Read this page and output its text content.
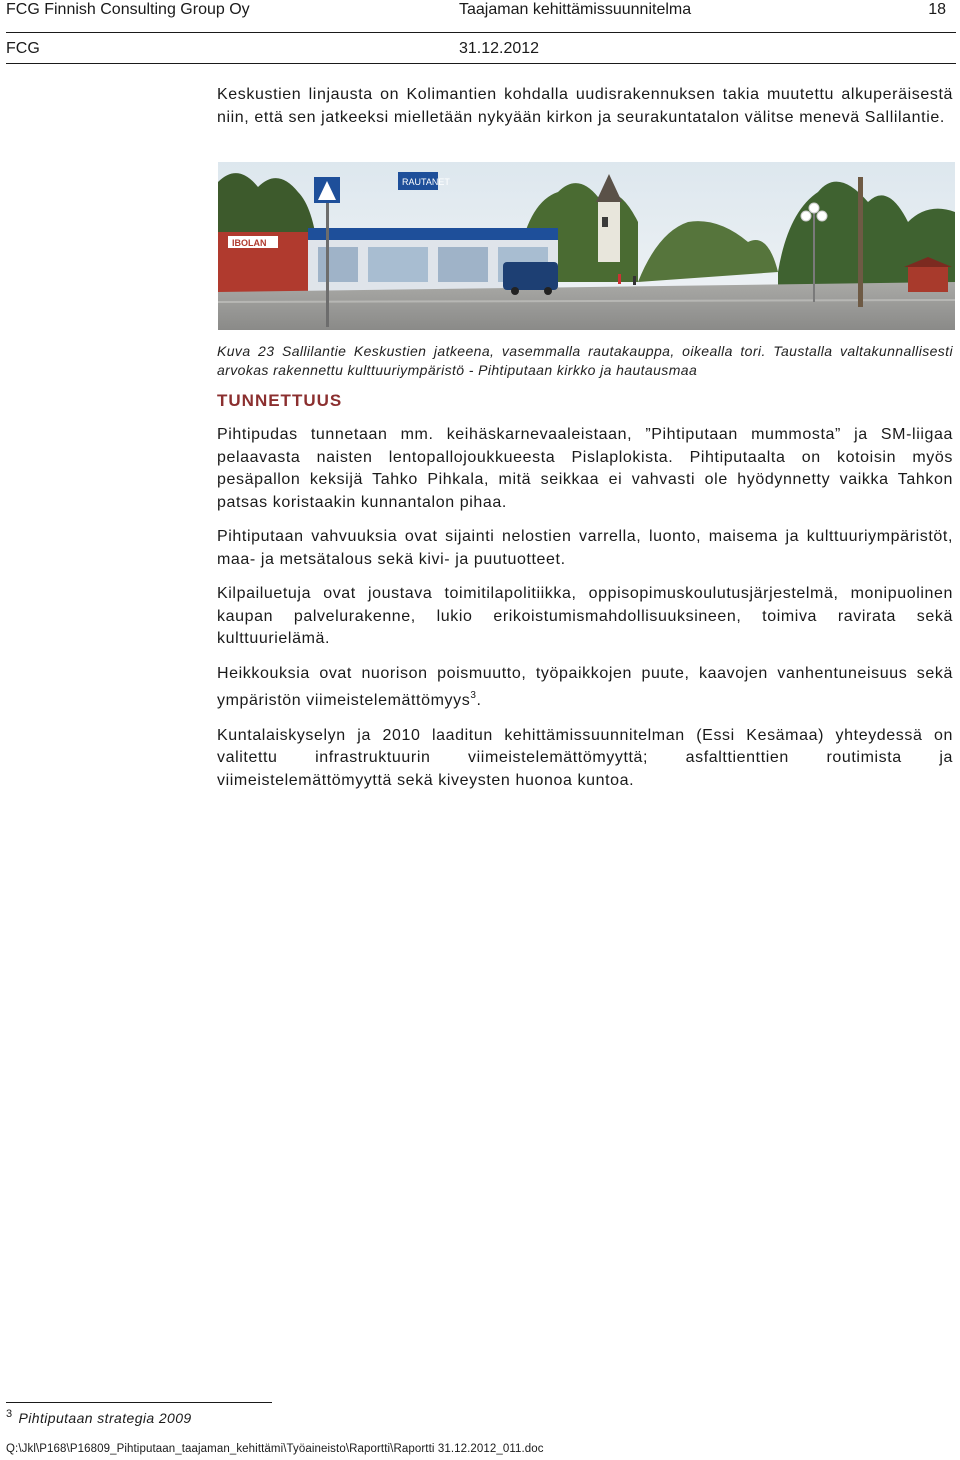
FCG Finnish Consulting Group Oy	Taajaman kehittämissuunnitelma	18
FCG	31.12.2012

Keskustien linjausta on Kolimantien kohdalla uudisrakennuksen takia muutettu alkuperäisestä niin, että sen jatkeeksi mielletään nykyään kirkon ja seurakuntatalon välitse menevä Sallilantie.

RAUTANET
IBOLAN
Kuva 23 Sallilantie Keskustien jatkeena, vasemmalla rautakauppa, oikealla tori. Taustalla valtakunnallisesti arvokas rakennettu kulttuuriympäristö - Pihtiputaan kirkko ja hautausmaa
TUNNETTUUS

Pihtipudas tunnetaan mm. keihäskarnevaaleistaan, ”Pihtiputaan mummosta” ja SM-liigaa pelaavasta naisten lentopallojoukkueesta Pislaplokista. Pihtiputaalta on kotoisin myös pesäpallon keksijä Tahko Pihkala, mitä seikkaa ei vahvasti ole hyödynnetty vaikka Tahkon patsas koristaakin kunnantalon pihaa.

Pihtiputaan vahvuuksia ovat sijainti nelostien varrella, luonto, maisema ja kulttuuriympäristöt, maa- ja metsätalous sekä kivi- ja puutuotteet.

Kilpailuetuja ovat joustava toimitilapolitiikka, oppisopimuskoulutusjärjestelmä, monipuolinen kaupan palvelurakenne, lukio erikoistumismahdollisuuksineen, toimiva ravirata sekä kulttuurielämä.

Heikkouksia ovat nuorison poismuutto, työpaikkojen puute, kaavojen vanhentuneisuus sekä ympäristön viimeistelemättömyys$^3$.

Kuntalaiskyselyn ja 2010 laaditun kehittämissuunnitelman (Essi Kesämaa) yhteydessä on valitettu infrastruktuurin viimeistelemättömyyttä; asfalttienttien routimista ja viimeistelemättömyyttä sekä kiveysten huonoa kuntoa.

$^3$ Pihtiputaan strategia 2009
Q:\Jkl\P168\P16809_Pihtiputaan_taajaman_kehittämi\Työaineisto\Raportti\Raportti 31.12.2012_011.doc
